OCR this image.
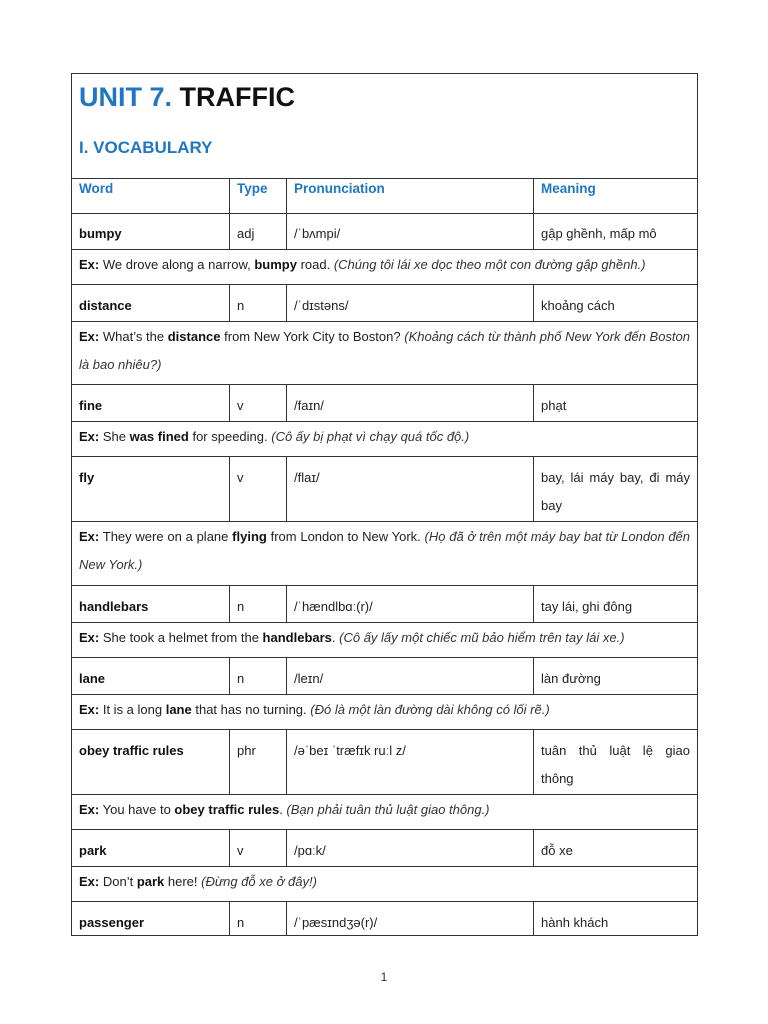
UNIT 7. TRAFFIC
I. VOCABULARY
Word	Type	Pronunciation	Meaning
bumpy	adj	/ˈbʌmpi/	gập ghềnh, mấp mô
Ex: We drove along a narrow, bumpy road. (Chúng tôi lái xe dọc theo một con đường gập ghềnh.)
distance	n	/ˈdɪstəns/	khoảng cách
Ex: What’s the distance from New York City to Boston? (Khoảng cách từ thành phố New York đến Boston là bao nhiêu?)
fine	v	/faɪn/	phạt
Ex: She was fined for speeding. (Cô ấy bị phạt vì chạy quá tốc độ.)
fly	v	/flaɪ/	bay, lái máy bay, đi máy bay
Ex: They were on a plane flying from London to New York. (Họ đã ở trên một máy bay bat từ London đến New York.)
handlebars	n	/ˈhændlbɑː(r)/	tay lái, ghi đông
Ex: She took a helmet from the handlebars. (Cô ấy lấy một chiếc mũ bảo hiểm trên tay lái xe.)
lane	n	/leɪn/	làn đường
Ex: It is a long lane that has no turning. (Đó là một làn đường dài không có lối rẽ.)
obey traffic rules	phr	/əˈbeɪ ˈtræfɪk ruːl z/	tuân thủ luật lệ giao thông
Ex: You have to obey traffic rules. (Bạn phải tuân thủ luật giao thông.)
park	v	/pɑːk/	đỗ xe
Ex: Don’t park here! (Đừng đỗ xe ở đây!)
passenger	n	/ˈpæsɪndʒə(r)/	hành khách
1
